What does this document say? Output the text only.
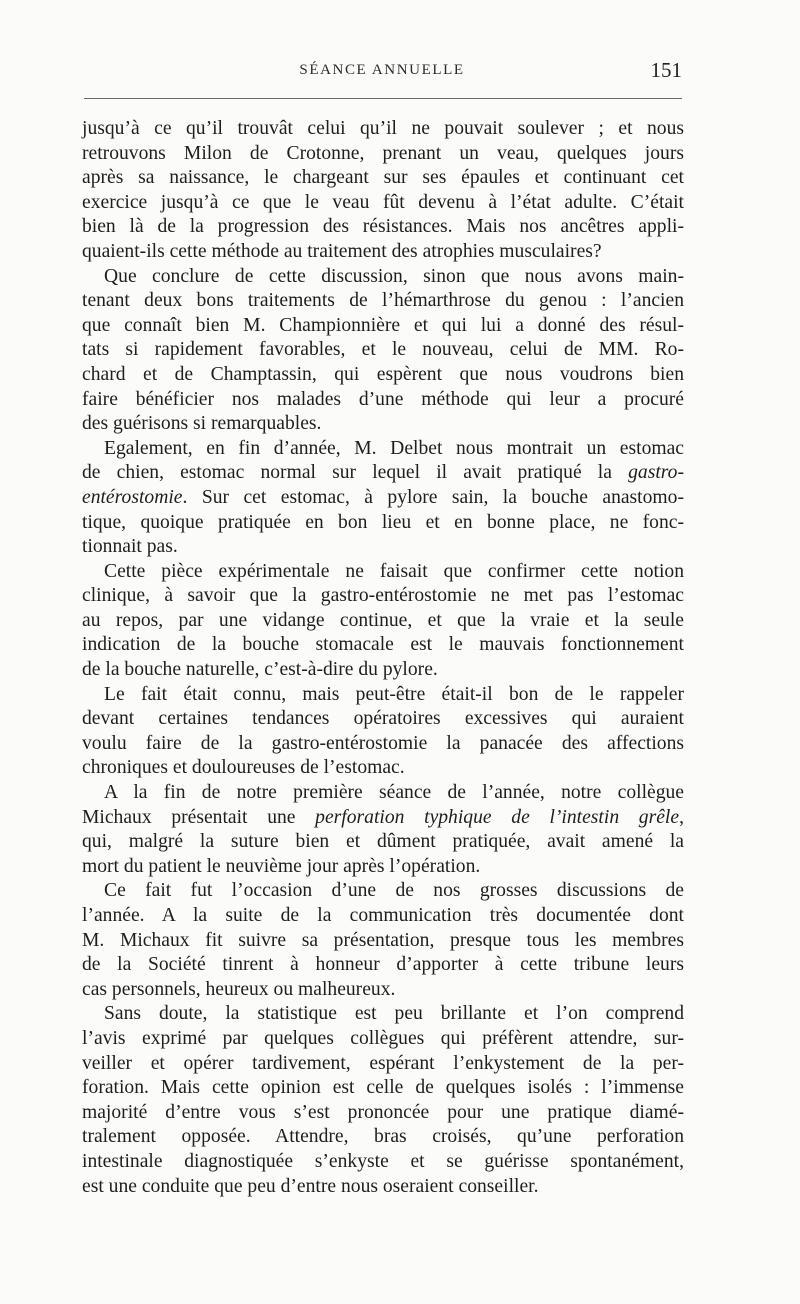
SÉANCE ANNUELLE	151
jusqu’à ce qu’il trouvât celui qu’il ne pouvait soulever ; et nous
retrouvons Milon de Crotonne, prenant un veau, quelques jours
après sa naissance, le chargeant sur ses épaules et continuant cet
exercice jusqu’à ce que le veau fût devenu à l’état adulte. C’était
bien là de la progression des résistances. Mais nos ancêtres appli-
quaient-ils cette méthode au traitement des atrophies musculaires?
Que conclure de cette discussion, sinon que nous avons main-
tenant deux bons traitements de l’hémarthrose du genou : l’ancien
que connaît bien M. Championnière et qui lui a donné des résul-
tats si rapidement favorables, et le nouveau, celui de MM. Ro-
chard et de Champtassin, qui espèrent que nous voudrons bien
faire bénéficier nos malades d’une méthode qui leur a procuré
des guérisons si remarquables.
Egalement, en fin d’année, M. Delbet nous montrait un estomac
de chien, estomac normal sur lequel il avait pratiqué la gastro-
entérostomie. Sur cet estomac, à pylore sain, la bouche anastomo-
tique, quoique pratiquée en bon lieu et en bonne place, ne fonc-
tionnait pas.
Cette pièce expérimentale ne faisait que confirmer cette notion
clinique, à savoir que la gastro-entérostomie ne met pas l’estomac
au repos, par une vidange continue, et que la vraie et la seule
indication de la bouche stomacale est le mauvais fonctionnement
de la bouche naturelle, c’est-à-dire du pylore.
Le fait était connu, mais peut-être était-il bon de le rappeler
devant certaines tendances opératoires excessives qui auraient
voulu faire de la gastro-entérostomie la panacée des affections
chroniques et douloureuses de l’estomac.
A la fin de notre première séance de l’année, notre collègue
Michaux présentait une perforation typhique de l’intestin grêle,
qui, malgré la suture bien et dûment pratiquée, avait amené la
mort du patient le neuvième jour après l’opération.
Ce fait fut l’occasion d’une de nos grosses discussions de
l’année. A la suite de la communication très documentée dont
M. Michaux fit suivre sa présentation, presque tous les membres
de la Société tinrent à honneur d’apporter à cette tribune leurs
cas personnels, heureux ou malheureux.
Sans doute, la statistique est peu brillante et l’on comprend
l’avis exprimé par quelques collègues qui préfèrent attendre, sur-
veiller et opérer tardivement, espérant l’enkystement de la per-
foration. Mais cette opinion est celle de quelques isolés : l’immense
majorité d’entre vous s’est prononcée pour une pratique diamé-
tralement opposée. Attendre, bras croisés, qu’une perforation
intestinale diagnostiquée s’enkyste et se guérisse spontanément,
est une conduite que peu d’entre nous oseraient conseiller.
